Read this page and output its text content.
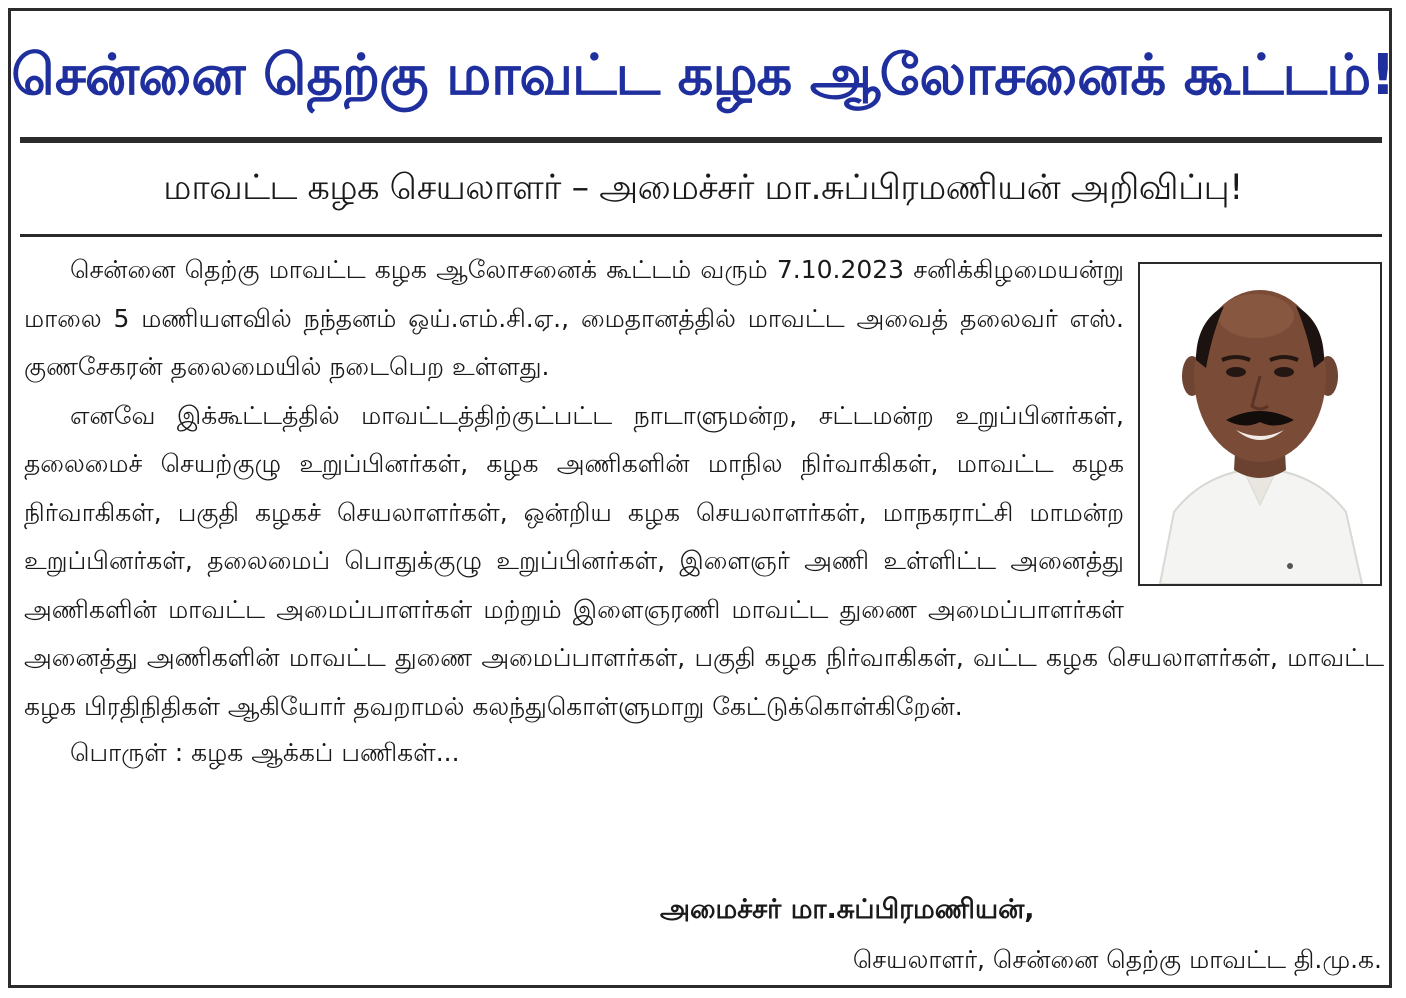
சென்னை தெற்கு மாவட்ட கழக ஆலோசனைக் கூட்டம்!
மாவட்ட கழக செயலாளர் – அமைச்சர் மா.சுப்பிரமணியன் அறிவிப்பு!

சென்னை தெற்கு மாவட்ட கழக ஆலோசனைக் கூட்டம் வரும் 7.10.2023 சனிக்கிழமையன்று மாலை 5 மணியளவில் நந்தனம் ஒய்.எம்.சி.ஏ., மைதானத்தில் மாவட்ட அவைத் தலைவர் எஸ். குணசேகரன் தலைமையில் நடைபெற உள்ளது.

எனவே இக்கூட்டத்தில் மாவட்டத்திற்குட்பட்ட நாடாளுமன்ற, சட்டமன்ற உறுப்பினர்கள், தலைமைச் செயற்குழு உறுப்பினர்கள், கழக அணிகளின் மாநில நிர்வாகிகள், மாவட்ட கழக நிர்வாகிகள், பகுதி கழகச் செயலாளர்கள், ஒன்றிய கழக செயலாளர்கள், மாநகராட்சி மாமன்ற உறுப்பினர்கள், தலைமைப் பொதுக்குழு உறுப்பினர்கள், இளைஞர் அணி உள்ளிட்ட அனைத்து அணிகளின் மாவட்ட அமைப்பாளர்கள் மற்றும் இளைஞரணி மாவட்ட துணை அமைப்பாளர்கள் அனைத்து அணிகளின் மாவட்ட துணை அமைப்பாளர்கள், பகுதி கழக நிர்வாகிகள், வட்ட கழக செயலாளர்கள், மாவட்ட கழக பிரதிநிதிகள் ஆகியோர் தவறாமல் கலந்துகொள்ளுமாறு கேட்டுக்கொள்கிறேன்.

பொருள் : கழக ஆக்கப் பணிகள்...

அமைச்சர் மா.சுப்பிரமணியன்,
செயலாளர், சென்னை தெற்கு மாவட்ட தி.மு.க.
